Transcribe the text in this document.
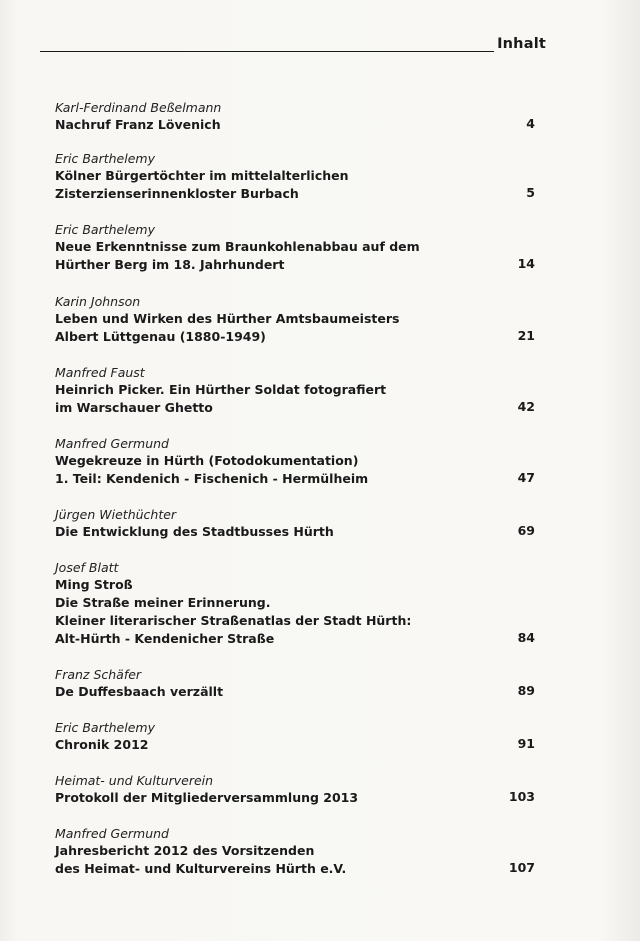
Inhalt
Karl-Ferdinand Beßelmann
Nachruf Franz Lövenich	4
Eric Barthelemy
Kölner Bürgertöchter im mittelalterlichen
Zisterzienserinnenkloster Burbach	5
Eric Barthelemy
Neue Erkenntnisse zum Braunkohlenabbau auf dem
Hürther Berg im 18. Jahrhundert	14
Karin Johnson
Leben und Wirken des Hürther Amtsbaumeisters
Albert Lüttgenau (1880-1949)	21
Manfred Faust
Heinrich Picker. Ein Hürther Soldat fotografiert
im Warschauer Ghetto	42
Manfred Germund
Wegekreuze in Hürth (Fotodokumentation)
1. Teil: Kendenich - Fischenich - Hermülheim	47
Jürgen Wiethüchter
Die Entwicklung des Stadtbusses Hürth	69
Josef Blatt
Ming Stroß
Die Straße meiner Erinnerung.
Kleiner literarischer Straßenatlas der Stadt Hürth:
Alt-Hürth - Kendenicher Straße	84
Franz Schäfer
De Duffesbaach verzällt	89
Eric Barthelemy
Chronik 2012	91
Heimat- und Kulturverein
Protokoll der Mitgliederversammlung 2013	103
Manfred Germund
Jahresbericht 2012 des Vorsitzenden
des Heimat- und Kulturvereins Hürth e.V.	107
